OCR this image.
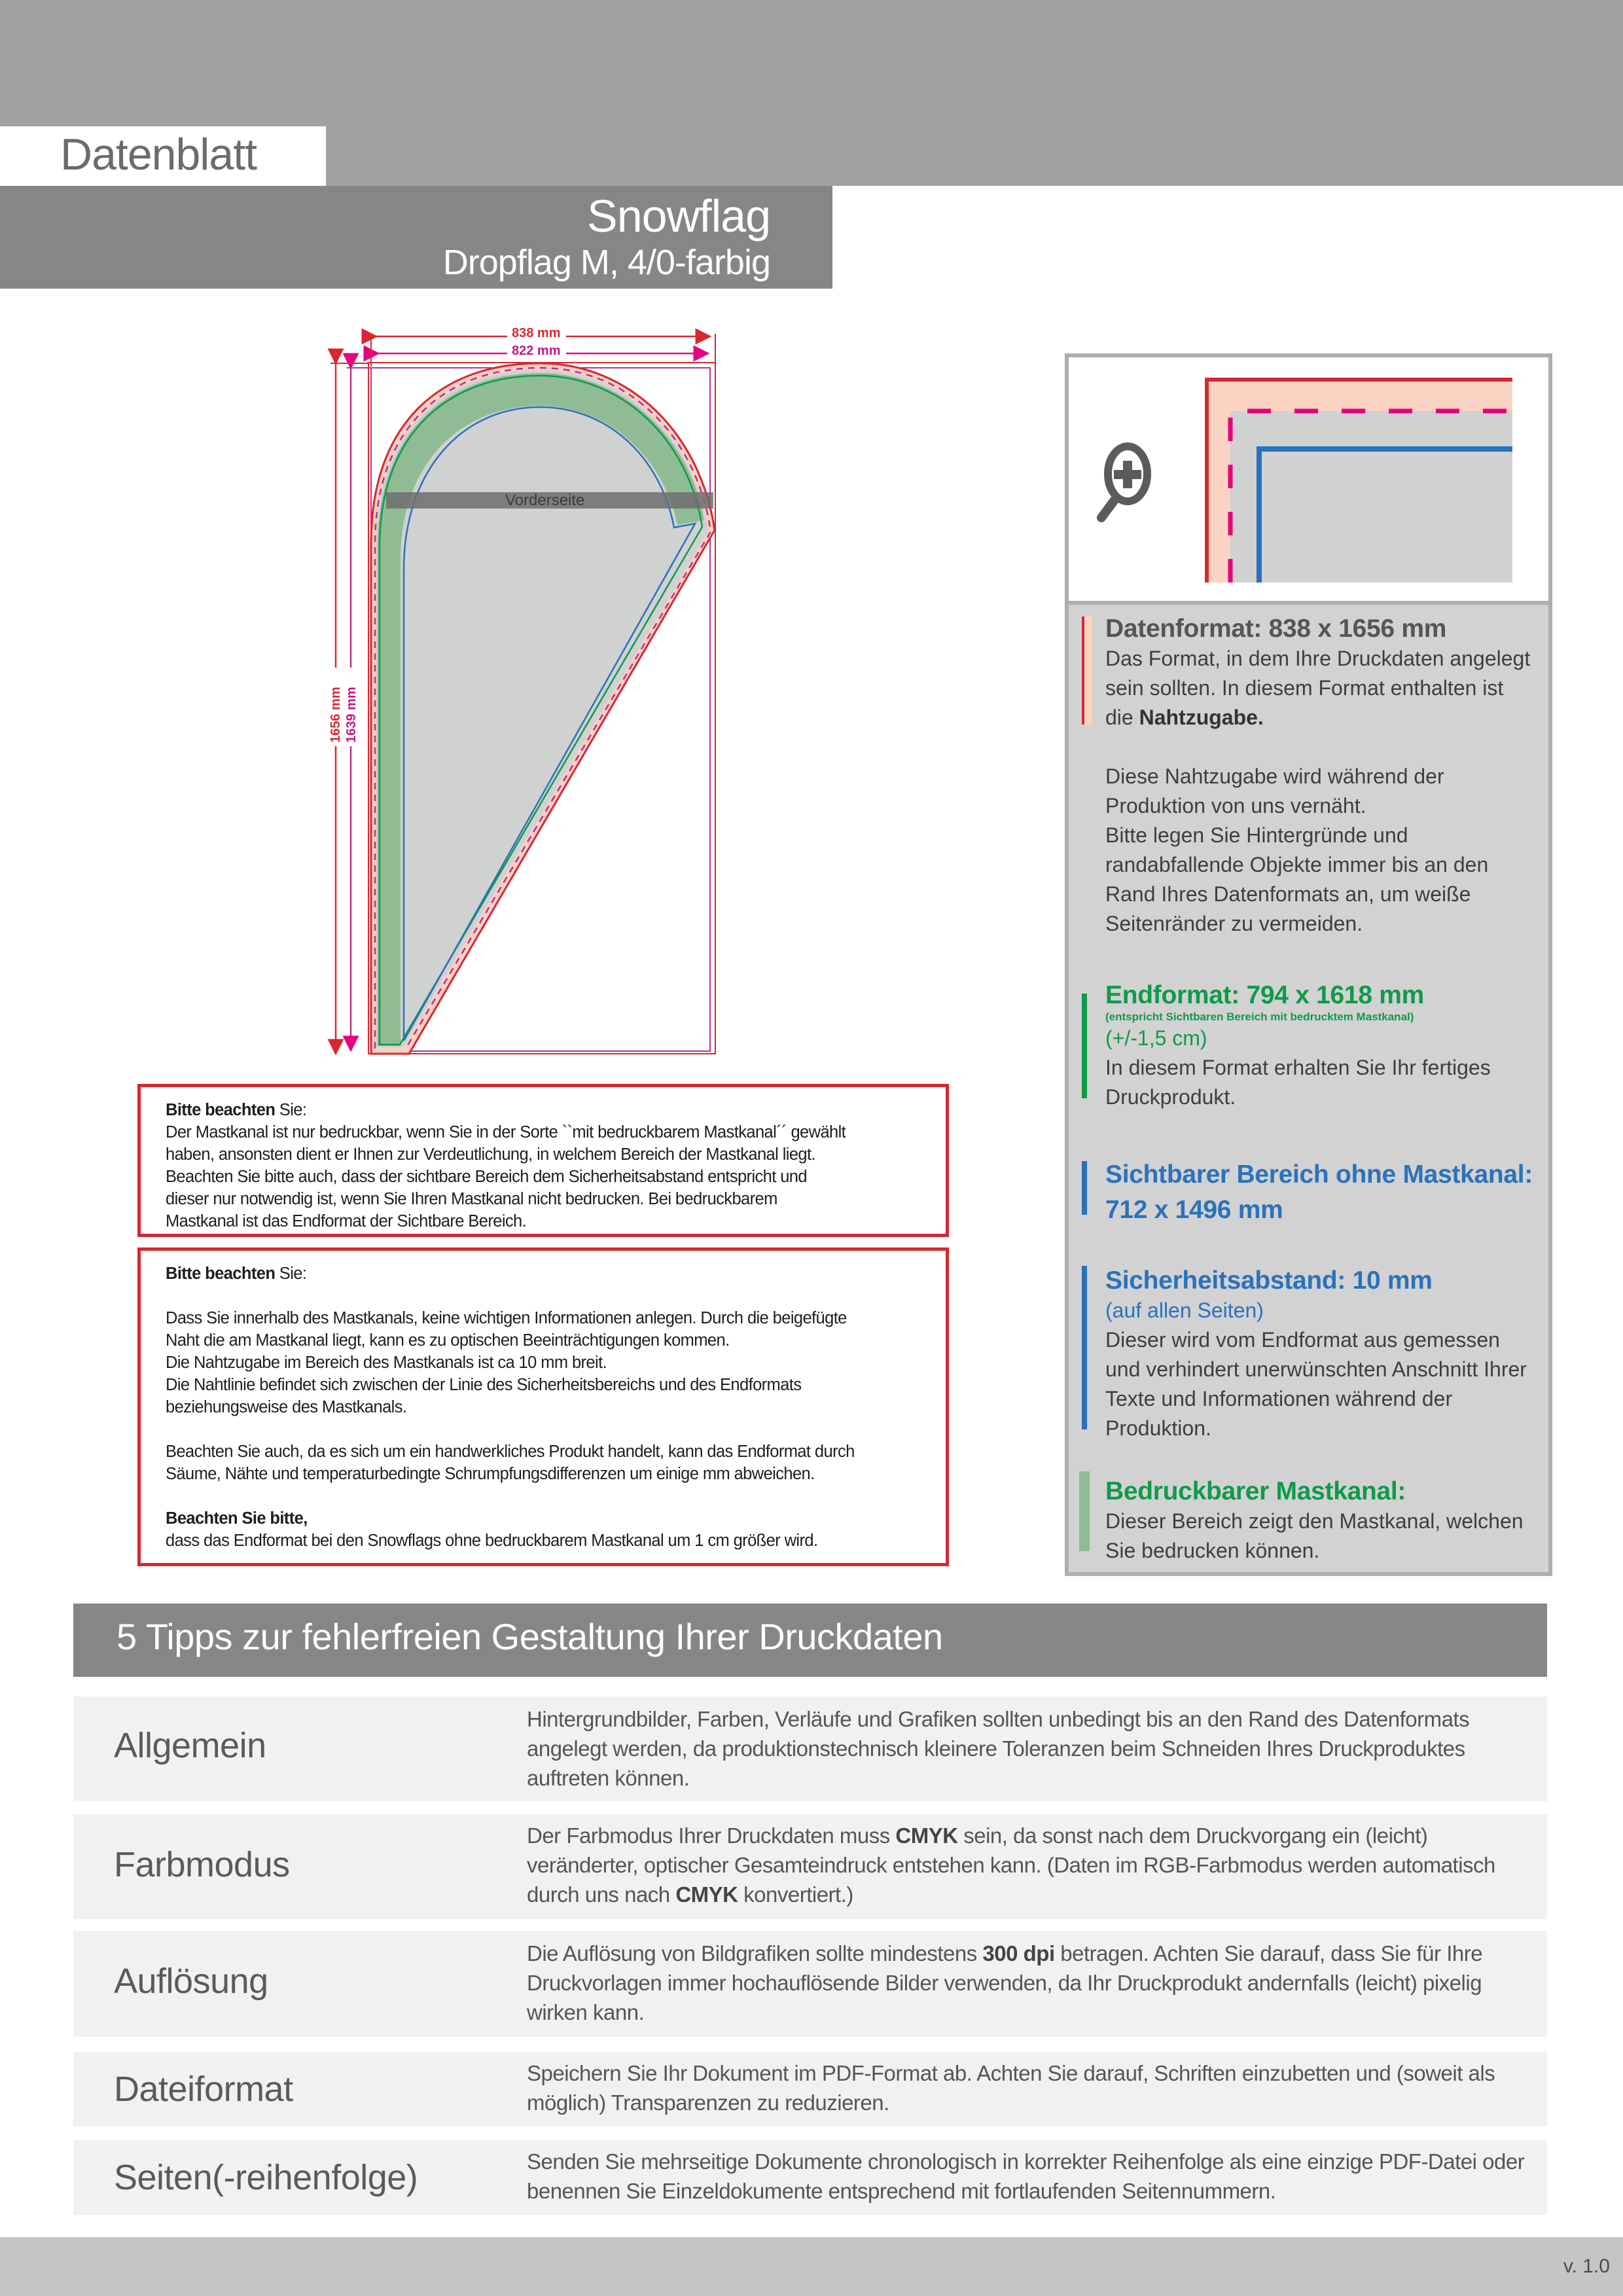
Datenblatt
Snowflag
Dropflag M, 4/0-farbig
838 mm
822 mm
1656 mm 1639 mm
Vorderseite

Bitte beachten Sie:

Der Mastkanal ist nur bedruckbar, wenn Sie in der Sorte ``mit bedruckbarem Mastkanal´´ gewählt

haben, ansonsten dient er Ihnen zur Verdeutlichung, in welchem Bereich der Mastkanal liegt.

Beachten Sie bitte auch, dass der sichtbare Bereich dem Sicherheitsabstand entspricht und

dieser nur notwendig ist, wenn Sie Ihren Mastkanal nicht bedrucken. Bei bedruckbarem

Mastkanal ist das Endformat der Sichtbare Bereich.

Bitte beachten Sie:

Dass Sie innerhalb des Mastkanals, keine wichtigen Informationen anlegen. Durch die beigefügte

Naht die am Mastkanal liegt, kann es zu optischen Beeinträchtigungen kommen.

Die Nahtzugabe im Bereich des Mastkanals ist ca 10 mm breit.

Die Nahtlinie befindet sich zwischen der Linie des Sicherheitsbereichs und des Endformats

beziehungsweise des Mastkanals.

Beachten Sie auch, da es sich um ein handwerkliches Produkt handelt, kann das Endformat durch

Säume, Nähte und temperaturbedingte Schrumpfungsdifferenzen um einige mm abweichen.

Beachten Sie bitte,

dass das Endformat bei den Snowflags ohne bedruckbarem Mastkanal um 1 cm größer wird.

Datenformat: 838 x 1656 mm
Das Format, in dem Ihre Druckdaten angelegt sein sollten. In diesem Format enthalten ist die Nahtzugabe.
Diese Nahtzugabe wird während der Produktion von uns vernäht.
Bitte legen Sie Hintergründe und randabfallende Objekte immer bis an den Rand Ihres Datenformats an, um weiße Seitenränder zu vermeiden.
Endformat: 794 x 1618 mm
(entspricht Sichtbaren Bereich mit bedrucktem Mastkanal)
(+/-1,5 cm)
In diesem Format erhalten Sie Ihr fertiges Druckprodukt.
Sichtbarer Bereich ohne Mastkanal:
712 x 1496 mm
Sicherheitsabstand: 10 mm
(auf allen Seiten)
Dieser wird vom Endformat aus gemessen und verhindert unerwünschten Anschnitt Ihrer Texte und Informationen während der Produktion.
Bedruckbarer Mastkanal:
Dieser Bereich zeigt den Mastkanal, welchen Sie bedrucken können.
5 Tipps zur fehlerfreien Gestaltung Ihrer Druckdaten
Allgemein
Hintergrundbilder, Farben, Verläufe und Grafiken sollten unbedingt bis an den Rand des Datenformats angelegt werden, da produktionstechnisch kleinere Toleranzen beim Schneiden Ihres Druckproduktes auftreten können.
Farbmodus
Der Farbmodus Ihrer Druckdaten muss CMYK sein, da sonst nach dem Druckvorgang ein (leicht) veränderter, optischer Gesamteindruck entstehen kann. (Daten im RGB-Farbmodus werden automatisch durch uns nach CMYK konvertiert.)
Auflösung
Die Auflösung von Bildgrafiken sollte mindestens 300 dpi betragen. Achten Sie darauf, dass Sie für Ihre Druckvorlagen immer hochauflösende Bilder verwenden, da Ihr Druckprodukt andernfalls (leicht) pixelig wirken kann.
Dateiformat	Speichern Sie Ihr Dokument im PDF-Format ab. Achten Sie darauf, Schriften einzubetten und (soweit als möglich) Transparenzen zu reduzieren.
Seiten(-reihenfolge)	Senden Sie mehrseitige Dokumente chronologisch in korrekter Reihenfolge als eine einzige PDF-Datei oder benennen Sie Einzeldokumente entsprechend mit fortlaufenden Seitennummern.
v. 1.0
